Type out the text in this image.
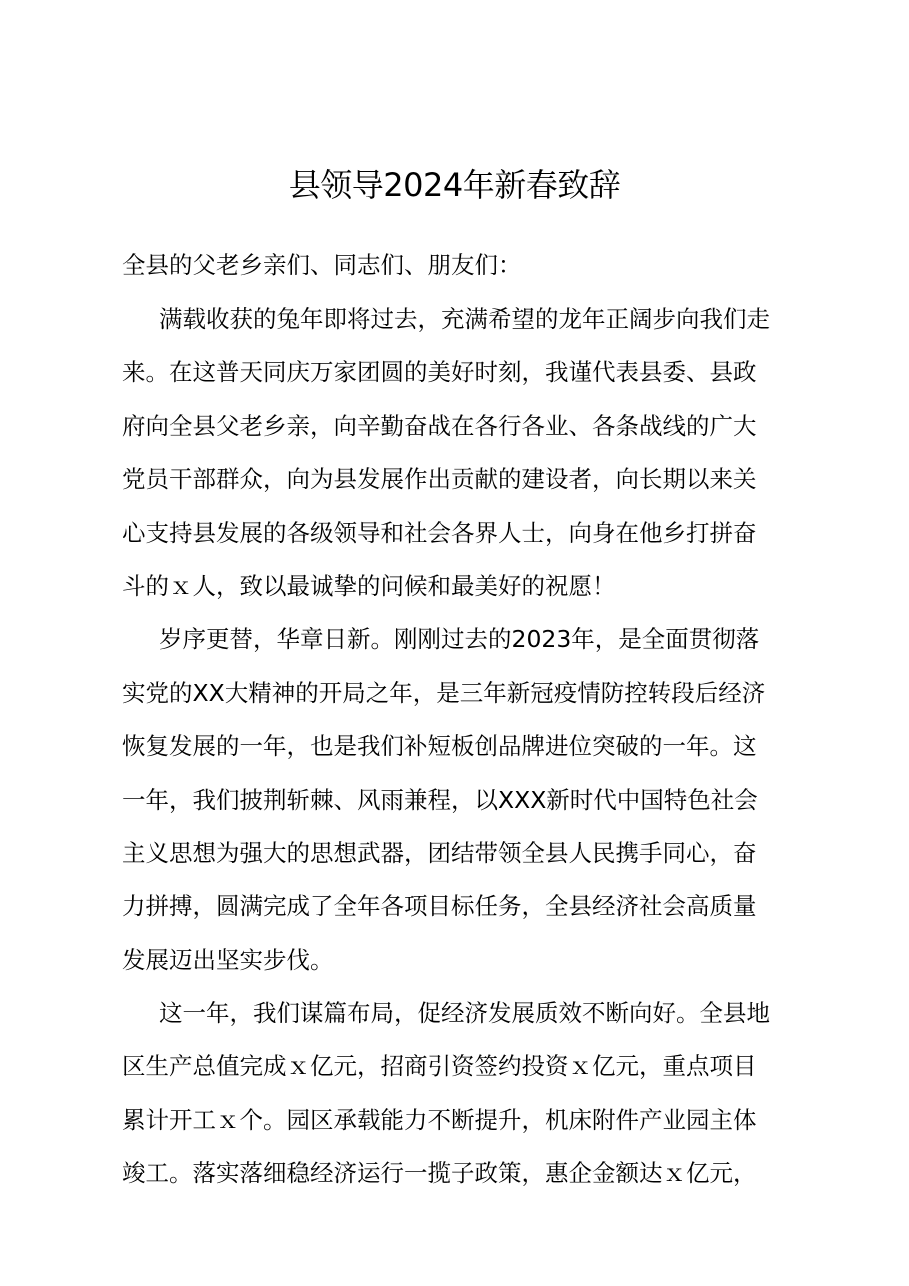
县领导2024年新春致辞
全县的父老乡亲们、同志们、朋友们：
满载收获的兔年即将过去，充满希望的龙年正阔步向我们走
来。在这普天同庆万家团圆的美好时刻，我谨代表县委、县政
府向全县父老乡亲，向辛勤奋战在各行各业、各条战线的广大
党员干部群众，向为县发展作出贡献的建设者，向长期以来关
心支持县发展的各级领导和社会各界人士，向身在他乡打拼奋
斗的ｘ人，致以最诚挚的问候和最美好的祝愿！
岁序更替，华章日新。刚刚过去的2023年，是全面贯彻落
实党的XX大精神的开局之年，是三年新冠疫情防控转段后经济
恢复发展的一年，也是我们补短板创品牌进位突破的一年。这
一年，我们披荆斩棘、风雨兼程，以XXX新时代中国特色社会
主义思想为强大的思想武器，团结带领全县人民携手同心，奋
力拼搏，圆满完成了全年各项目标任务，全县经济社会高质量
发展迈出坚实步伐。
这一年，我们谋篇布局，促经济发展质效不断向好。全县地
区生产总值完成ｘ亿元，招商引资签约投资ｘ亿元，重点项目
累计开工ｘ个。园区承载能力不断提升，机床附件产业园主体
竣工。落实落细稳经济运行一揽子政策，惠企金额达ｘ亿元，
